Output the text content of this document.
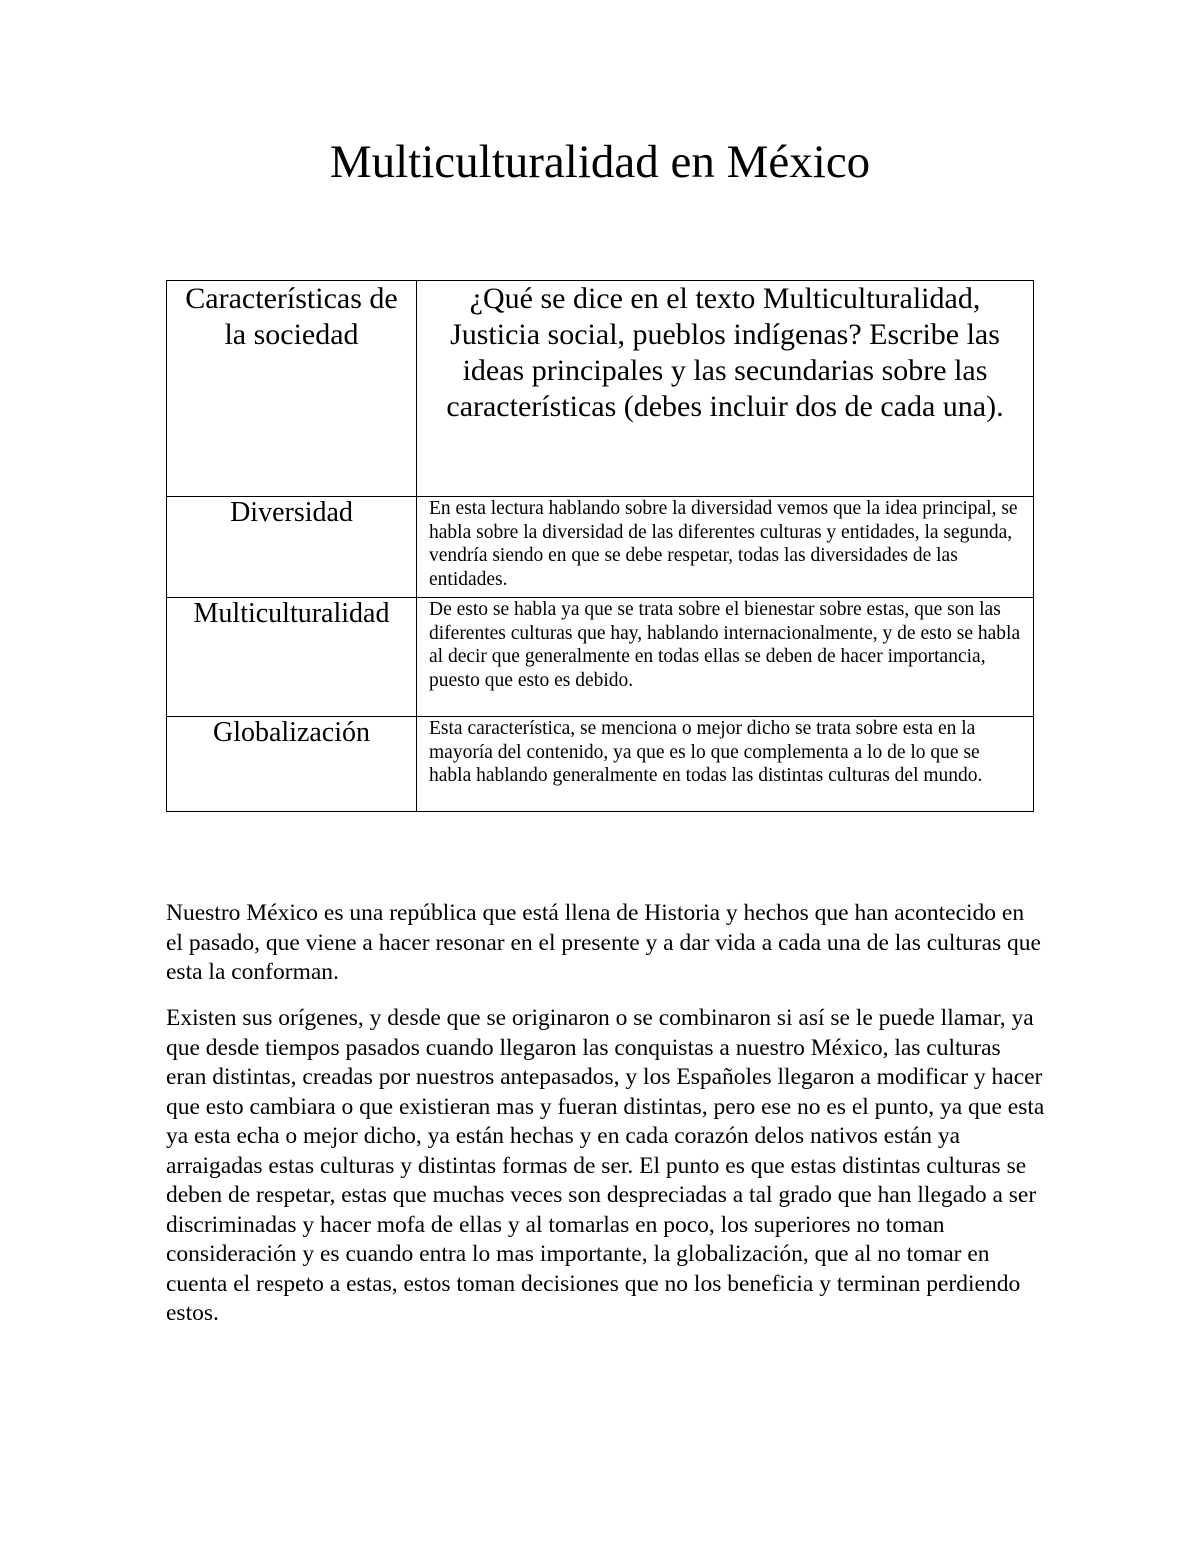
Multiculturalidad en México
Características de la sociedad	¿Qué se dice en el texto Multiculturalidad, Justicia social, pueblos indígenas? Escribe las ideas principales y las secundarias sobre las características (debes incluir dos de cada una).

Diversidad	En esta lectura hablando sobre la diversidad vemos que la idea principal, se habla sobre la diversidad de las diferentes culturas y entidades, la segunda, vendría siendo en que se debe respetar, todas las diversidades de las entidades.

Multiculturalidad	De esto se habla ya que se trata sobre el bienestar sobre estas, que son las diferentes culturas que hay, hablando internacionalmente, y de esto se habla al decir que generalmente en todas ellas se deben de hacer importancia, puesto que esto es debido.

Globalización	Esta característica, se menciona o mejor dicho se trata sobre esta en la mayoría del contenido, ya que es lo que complementa a lo de lo que se habla hablando generalmente en todas las distintas culturas del mundo.

Nuestro México es una república que está llena de Historia y hechos que han acontecido en el pasado, que viene a hacer resonar en el presente y a dar vida a cada una de las culturas que esta la conforman.

Existen sus orígenes, y desde que se originaron o se combinaron si así se le puede llamar, ya que desde tiempos pasados cuando llegaron las conquistas a nuestro México, las culturas eran distintas, creadas por nuestros antepasados, y los Españoles llegaron a modificar y hacer que esto cambiara o que existieran mas y fueran distintas, pero ese no es el punto, ya que esta ya esta echa o mejor dicho, ya están hechas y en cada corazón delos nativos están ya arraigadas estas culturas y distintas formas de ser. El punto es que estas distintas culturas se deben de respetar, estas que muchas veces son despreciadas a tal grado que han llegado a ser discriminadas y hacer mofa de ellas y al tomarlas en poco, los superiores no toman consideración y es cuando entra lo mas importante, la globalización, que al no tomar en cuenta el respeto a estas, estos toman decisiones que no los beneficia y terminan perdiendo estos.
